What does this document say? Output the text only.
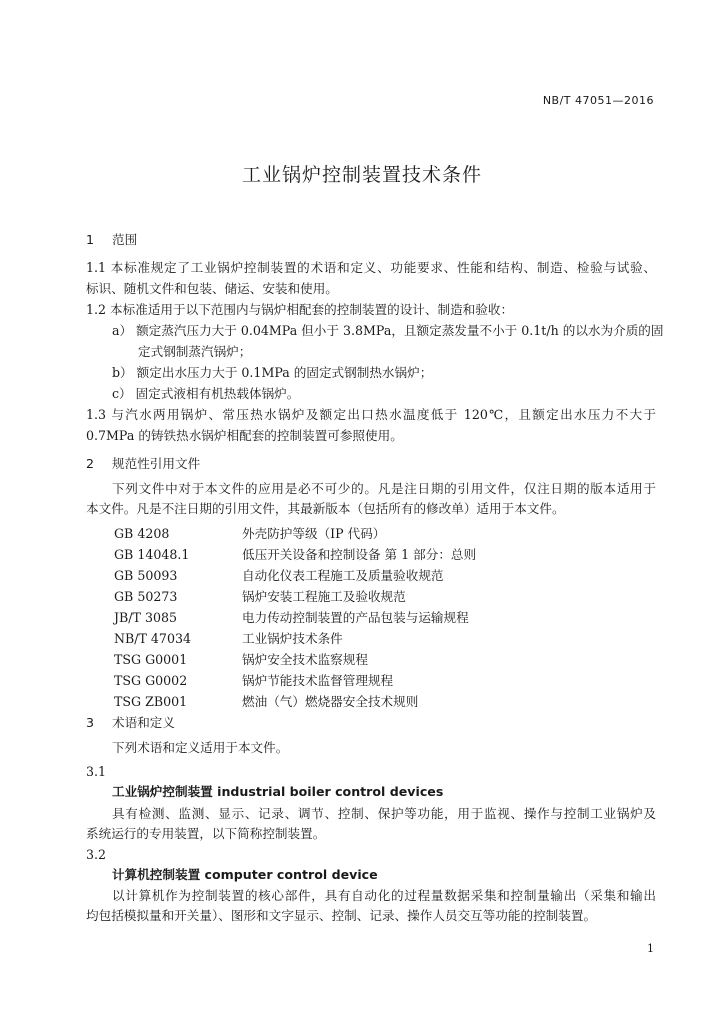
NB/T 47051—2016
工业锅炉控制装置技术条件
1 范围
1.1 本标准规定了工业锅炉控制装置的术语和定义、功能要求、性能和结构、制造、检验与试验、
标识、随机文件和包装、储运、安装和使用。
1.2 本标准适用于以下范围内与锅炉相配套的控制装置的设计、制造和验收：
a） 额定蒸汽压力大于 0.04MPa 但小于 3.8MPa，且额定蒸发量不小于 0.1t/h 的以水为介质的固
定式钢制蒸汽锅炉；
b） 额定出水压力大于 0.1MPa 的固定式钢制热水锅炉；
c） 固定式液相有机热载体锅炉。
1.3 与汽水两用锅炉、常压热水锅炉及额定出口热水温度低于 120℃，且额定出水压力不大于
0.7MPa 的铸铁热水锅炉相配套的控制装置可参照使用。
2 规范性引用文件
下列文件中对于本文件的应用是必不可少的。凡是注日期的引用文件，仅注日期的版本适用于
本文件。凡是不注日期的引用文件，其最新版本（包括所有的修改单）适用于本文件。
GB 4208	外壳防护等级（IP 代码）
GB 14048.1	低压开关设备和控制设备 第 1 部分：总则
GB 50093	自动化仪表工程施工及质量验收规范
GB 50273	锅炉安装工程施工及验收规范
JB/T 3085	电力传动控制装置的产品包装与运输规程
NB/T 47034	工业锅炉技术条件
TSG G0001	锅炉安全技术监察规程
TSG G0002	锅炉节能技术监督管理规程
TSG ZB001	燃油（气）燃烧器安全技术规则
3 术语和定义
下列术语和定义适用于本文件。
3.1
工业锅炉控制装置 industrial boiler control devices
具有检测、监测、显示、记录、调节、控制、保护等功能，用于监视、操作与控制工业锅炉及
系统运行的专用装置，以下简称控制装置。
3.2
计算机控制装置 computer control device
以计算机作为控制装置的核心部件，具有自动化的过程量数据采集和控制量输出（采集和输出
均包括模拟量和开关量）、图形和文字显示、控制、记录、操作人员交互等功能的控制装置。
1
